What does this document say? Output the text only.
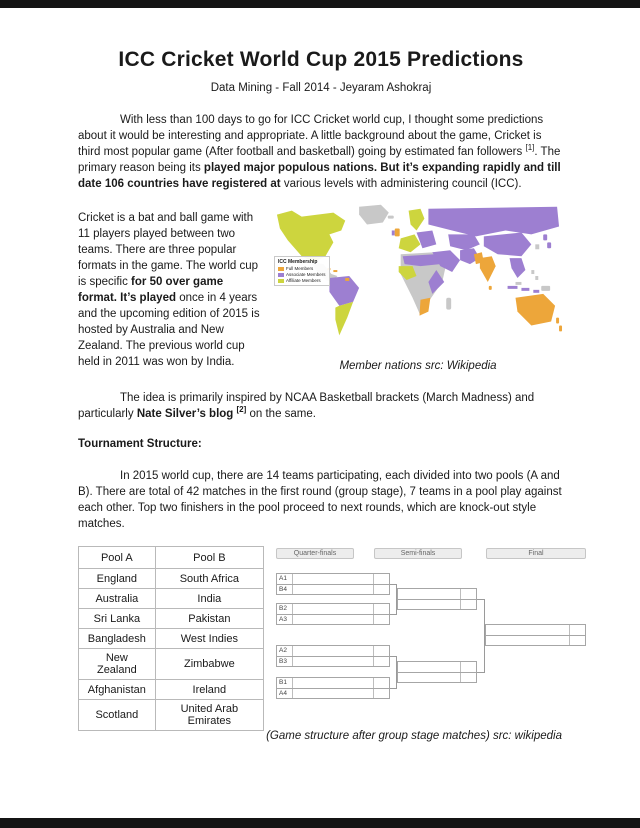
ICC Cricket World Cup 2015 Predictions
Data Mining - Fall 2014 - Jeyaram Ashokraj

With less than 100 days to go for ICC Cricket world cup, I thought some predictions about it would be interesting and appropriate. A little background about the game, Cricket is third most popular game (After football and basketball) going by estimated fan followers [1]. The primary reason being its played major populous nations. But it’s expanding rapidly and till date 106 countries have registered at various levels with administering council (ICC).

Cricket is a bat and ball game with 11 players played between two teams. There are three popular formats in the game. The world cup is specific for 50 over game format. It’s played once in 4 years and the upcoming edition of 2015 is hosted by Australia and New Zealand. The previous world cup held in 2011 was won by India.

ICC Membership
Full Members
Associate Members
Affiliate Members
Member nations src: Wikipedia

The idea is primarily inspired by NCAA Basketball brackets (March Madness) and particularly Nate Silver’s blog [2] on the same.

Tournament Structure:

In 2015 world cup, there are 14 teams participating, each divided into two pools (A and B). There are total of 42 matches in the first round (group stage), 7 teams in a pool play against each other. Top two finishers in the pool proceed to next rounds, which are knock-out style matches.

Pool A	Pool B
England	South Africa
Australia	India
Sri Lanka	Pakistan
Bangladesh	West Indies
New Zealand	Zimbabwe
Afghanistan	Ireland
Scotland	United Arab Emirates
Quarter-finals	Semi-finals	Final
A1
B4
B2
A3
A2
B3
B1
A4
(Game structure after group stage matches) src: wikipedia
